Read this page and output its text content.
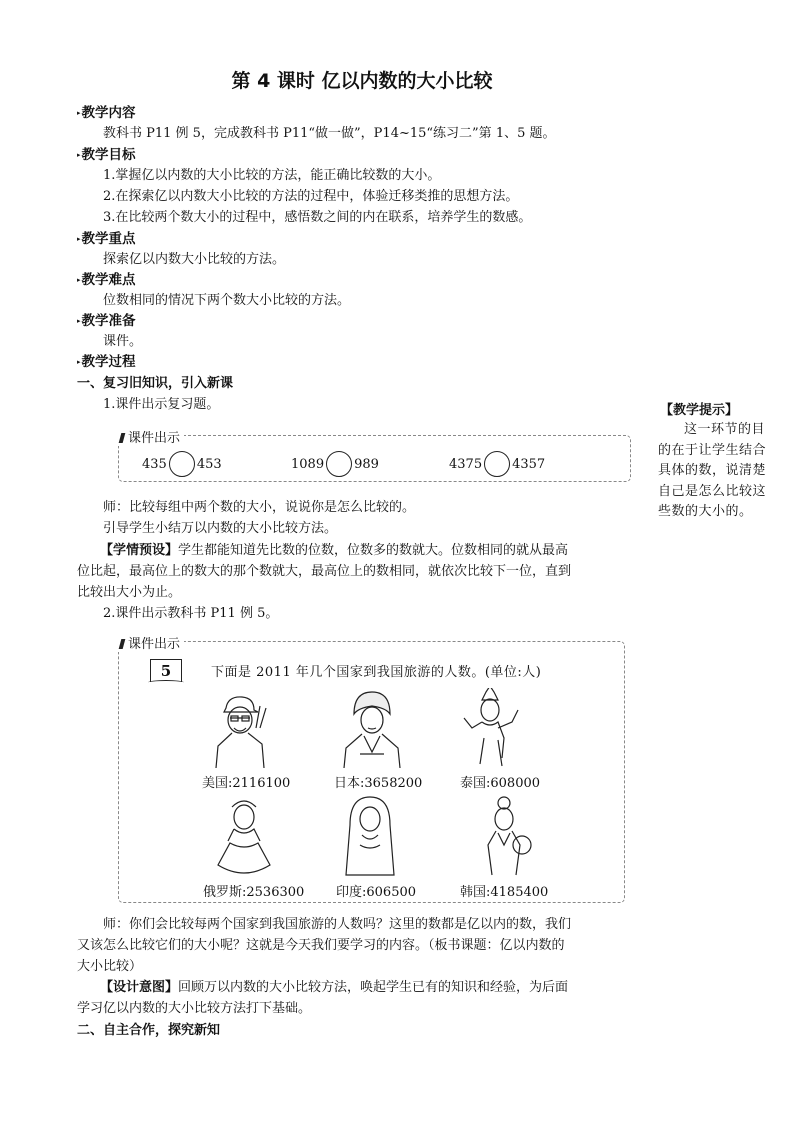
第 4 课时 亿以内数的大小比较
▸教学内容
教科书 P11 例 5，完成教科书 P11“做一做”，P14~15“练习二”第 1、5 题。
▸教学目标
1.掌握亿以内数的大小比较的方法，能正确比较数的大小。
2.在探索亿以内数大小比较的方法的过程中，体验迁移类推的思想方法。
3.在比较两个数大小的过程中，感悟数之间的内在联系，培养学生的数感。
▸教学重点
探索亿以内数大小比较的方法。
▸教学难点
位数相同的情况下两个数大小比较的方法。
▸教学准备
课件。
▸教学过程
一、复习旧知识，引入新课
1.课件出示复习题。
课件出示
435 453	1089 989	4375 4357
【教学提示】
这一环节的目的在于让学生结合具体的数，说清楚自己是怎么比较这些数的大小的。
师：比较每组中两个数的大小，说说你是怎么比较的。
引导学生小结万以内数的大小比较方法。
【学情预设】学生都能知道先比数的位数，位数多的数就大。位数相同的就从最高
位比起，最高位上的数大的那个数就大，最高位上的数相同，就依次比较下一位，直到
比较出大小为止。
2.课件出示教科书 P11 例 5。
课件出示
5	下面是 2011 年几个国家到我国旅游的人数。(单位:人)
美国:2116100	日本:3658200	泰国:608000
俄罗斯:2536300 印度:606500	韩国:4185400
师：你们会比较每两个国家到我国旅游的人数吗？这里的数都是亿以内的数，我们
又该怎么比较它们的大小呢？这就是今天我们要学习的内容。（板书课题：亿以内数的
大小比较）
【设计意图】回顾万以内数的大小比较方法，唤起学生已有的知识和经验，为后面
学习亿以内数的大小比较方法打下基础。
二、自主合作，探究新知
